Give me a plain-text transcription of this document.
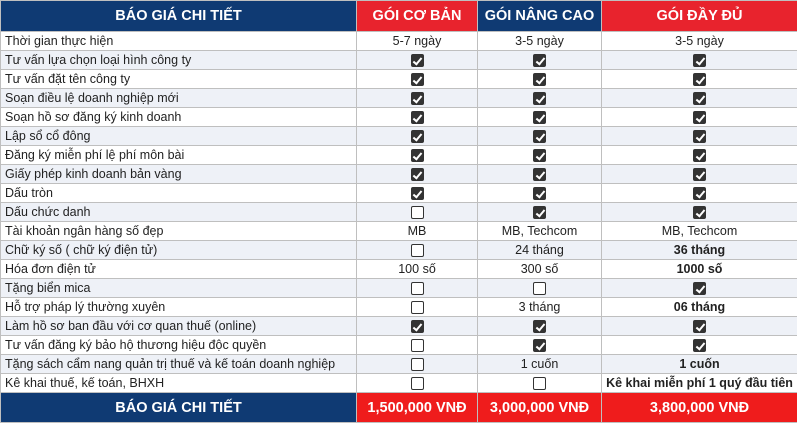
BÁO GIÁ CHI TIẾT	GÓI CƠ BẢN	GÓI NÂNG CAO	GÓI ĐẦY ĐỦ
Thời gian thực hiện	5-7 ngày	3-5 ngày	3-5 ngày
Tư vấn lựa chọn loại hình công ty			
Tư vấn đặt tên công ty			
Soạn điều lệ doanh nghiệp mới			
Soạn hồ sơ đăng ký kinh doanh			
Lập sổ cổ đông			
Đăng ký miễn phí lệ phí môn bài			
Giấy phép kinh doanh bản vàng			
Dấu tròn			
Dấu chức danh			
Tài khoản ngân hàng số đẹp	MB	MB, Techcom	MB, Techcom
Chữ ký số ( chữ ký điện tử)		24 tháng	36 tháng
Hóa đơn điện tử	100 số	300 số	1000 số
Tặng biển mica			
Hỗ trợ pháp lý thường xuyên		3 tháng	06 tháng
Làm hồ sơ ban đầu với cơ quan thuế (online)			
Tư vấn đăng ký bảo hộ thương hiệu độc quyền			
Tặng sách cẩm nang quản trị thuế và kế toán doanh nghiệp		1 cuốn	1 cuốn
Kê khai thuế, kế toán, BHXH			Kê khai miễn phí 1 quý đầu tiên
BÁO GIÁ CHI TIẾT	1,500,000 VNĐ	3,000,000 VNĐ	3,800,000 VNĐ
